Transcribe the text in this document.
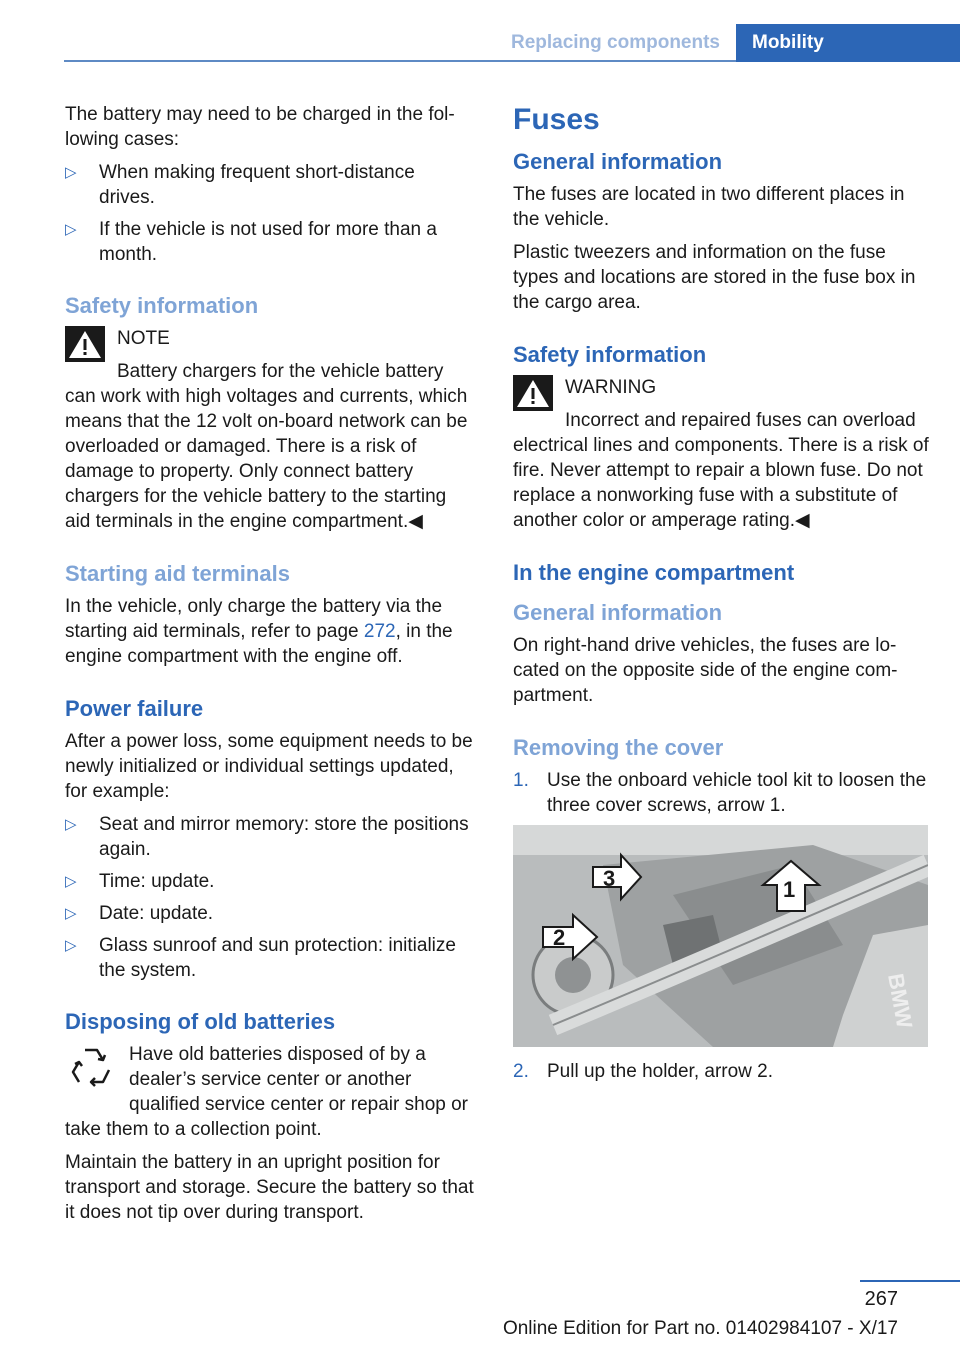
Replacing components	Mobility

The battery may need to be charged in the following cases:

▷ When making frequent short-distance drives.
▷ If the vehicle is not used for more than a month.
Safety information

NOTE

Battery chargers for the vehicle battery can work with high voltages and currents, which means that the 12 volt on-board network can be overloaded or damaged. There is a risk of damage to property. Only connect battery chargers for the vehicle battery to the starting aid terminals in the engine compartment.◀

Starting aid terminals

In the vehicle, only charge the battery via the starting aid terminals, refer to page 272, in the engine compartment with the engine off.

Power failure

After a power loss, some equipment needs to be newly initialized or individual settings updated, for example:

▷ Seat and mirror memory: store the positions again.
▷ Time: update.
▷ Date: update.
▷ Glass sunroof and sun protection: initialize the system.
Disposing of old batteries

Have old batteries disposed of by a dealer’s service center or another qualified service center or repair shop or take them to a collection point.

Maintain the battery in an upright position for transport and storage. Secure the battery so that it does not tip over during transport.

Fuses
General information

The fuses are located in two different places in the vehicle.

Plastic tweezers and information on the fuse types and locations are stored in the fuse box in the cargo area.

Safety information

WARNING

Incorrect and repaired fuses can overload electrical lines and components. There is a risk of fire. Never attempt to repair a blown fuse. Do not replace a nonworking fuse with a substitute of another color or amperage rating.◀

In the engine compartment
General information

On right-hand drive vehicles, the fuses are located on the opposite side of the engine compartment.

Removing the cover
1. Use the onboard vehicle tool kit to loosen the three cover screws, arrow 1.
BMW
1
2
3
2. Pull up the holder, arrow 2.
267
Online Edition for Part no. 01402984107 - X/17
